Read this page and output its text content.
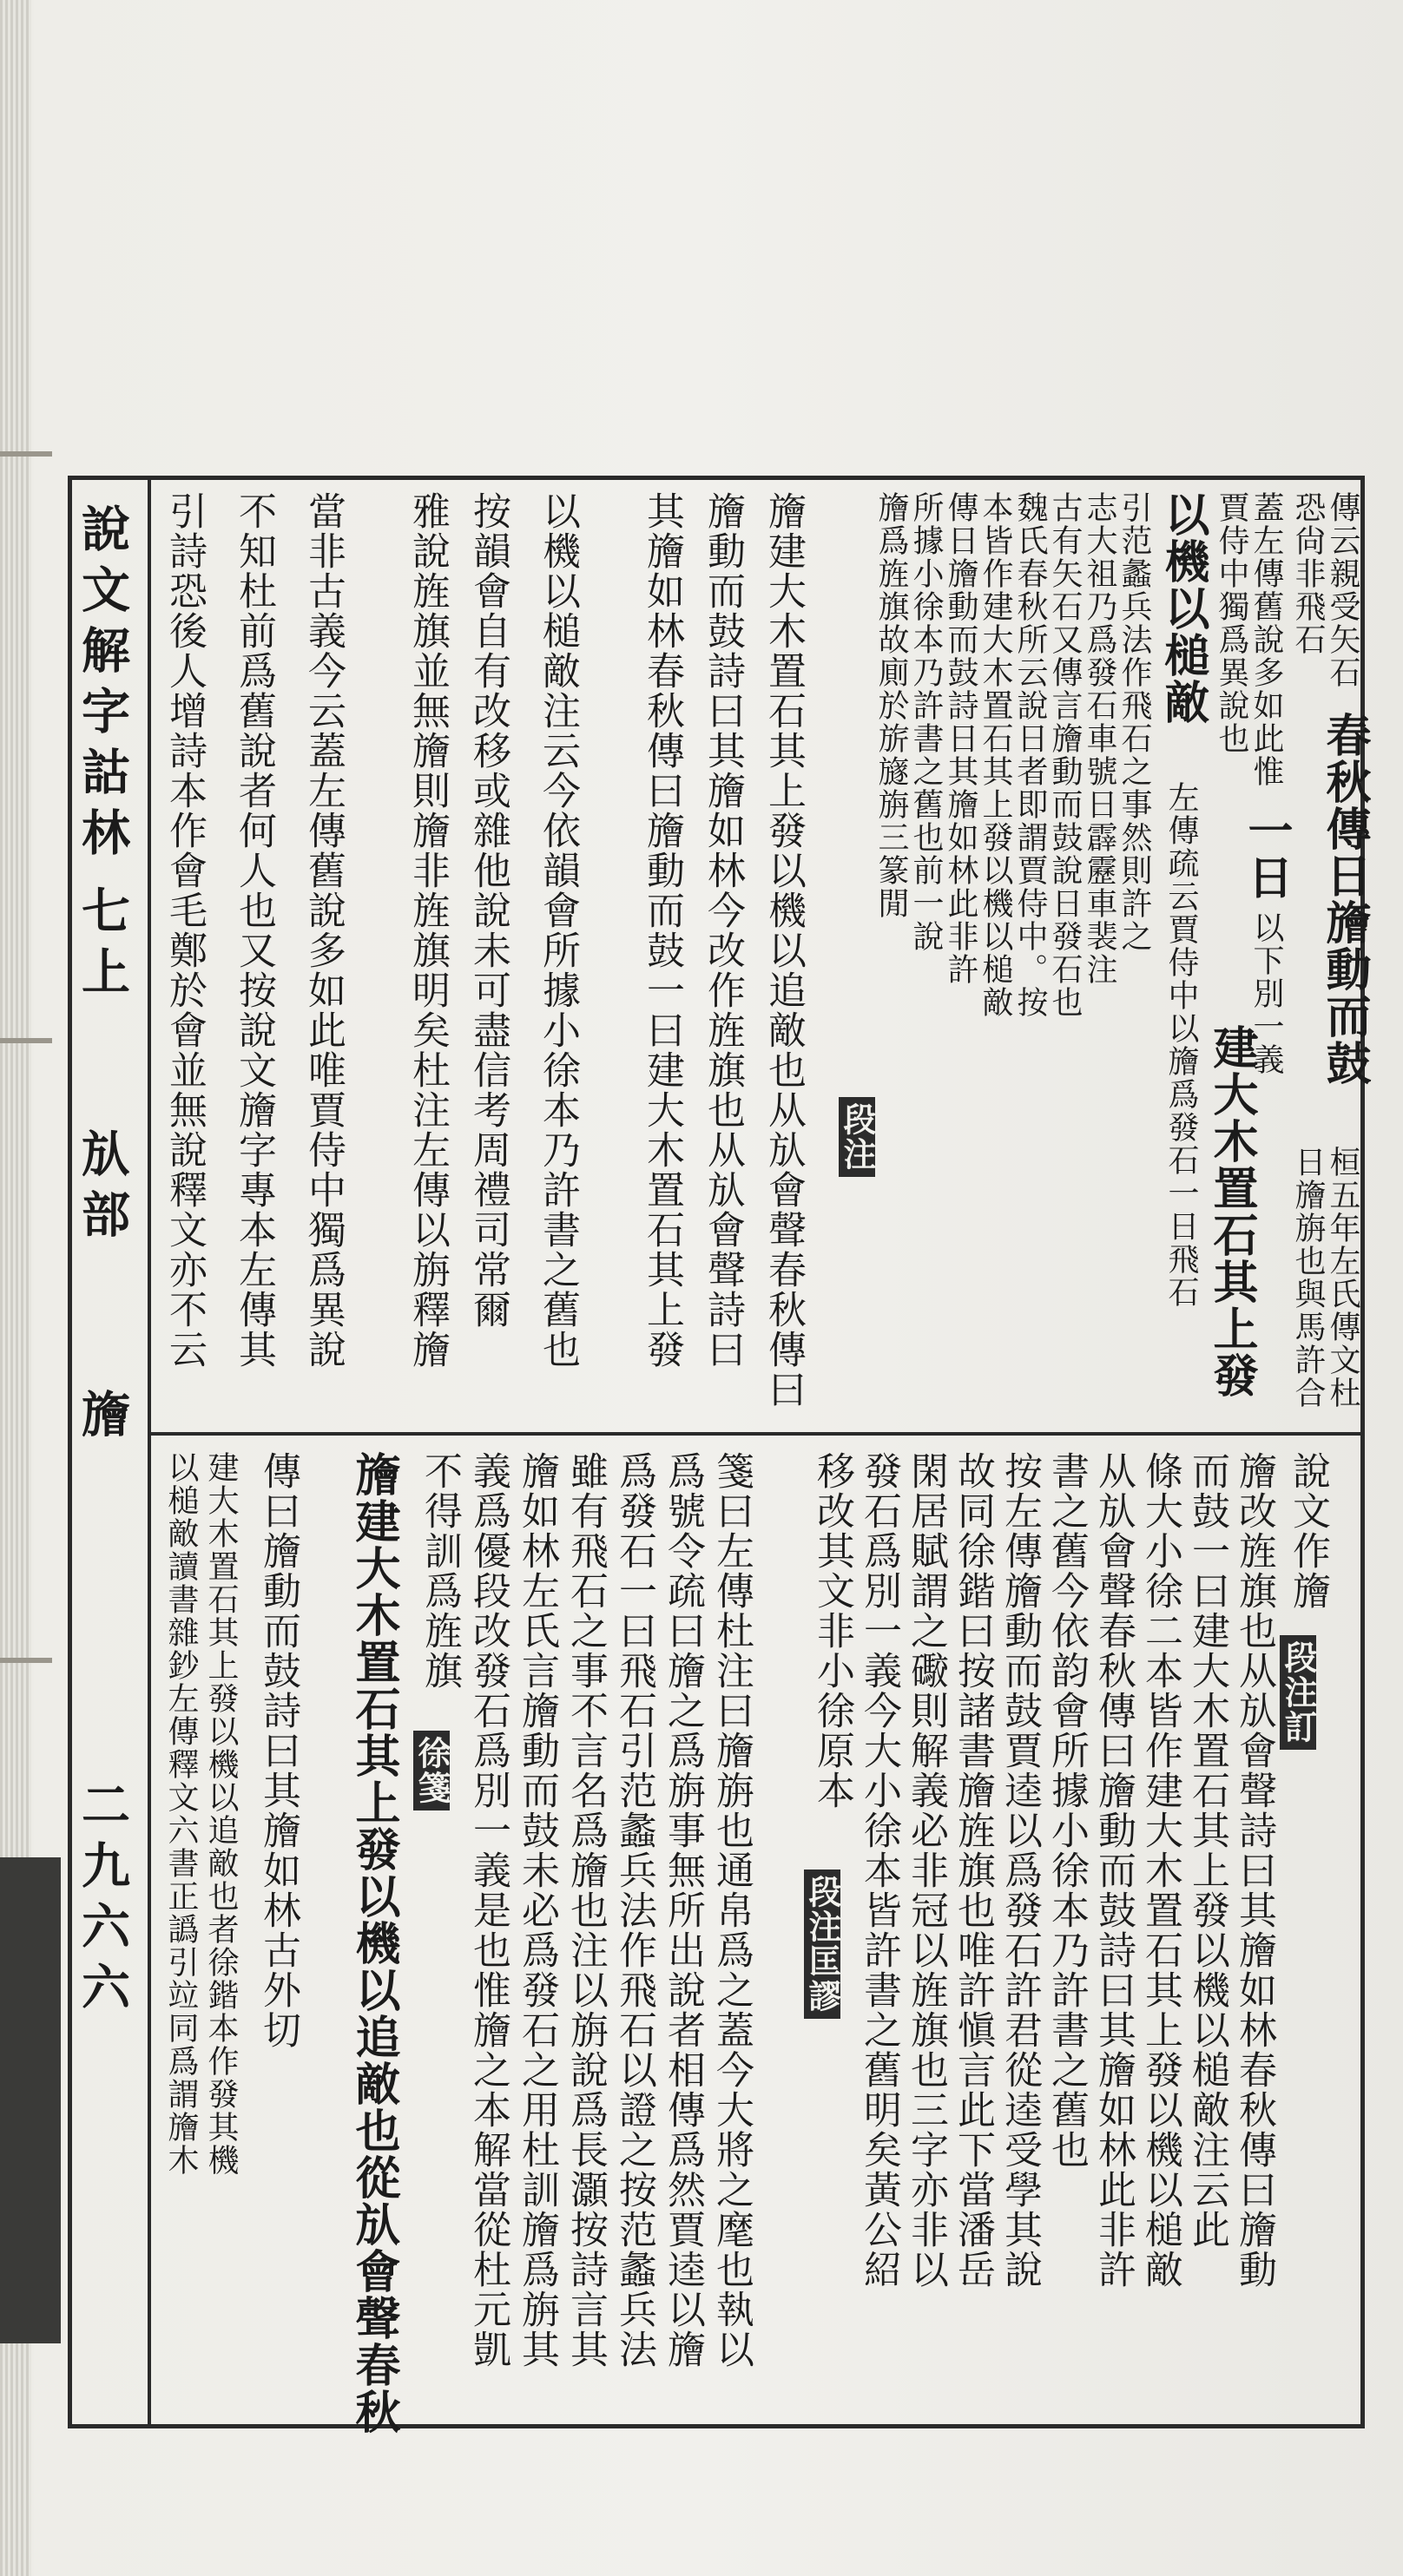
說文解字詁林
七上
㫃部
旝
二九六六
傳云親受矢石
春秋傳日旝動而鼓
桓五年左氏傳文杜
恐尙非飛石
日旝旃也與馬許合
蓋左傳舊說多如此惟
一日
以下別一義
賈侍中獨爲異說也
建大木置石其上發
以機以槌敵
左傳疏云賈侍中以旝爲發石一日飛石
引范蠡兵法作飛石之事然則許之
志大祖乃爲發石車號日霹靂車裴注
古有矢石又傳言旝動而鼓說日發石也
魏氏春秋所云說日者即謂賈侍中。按
本皆作建大木置石其上發以機以槌敵
傳日旝動而鼓詩日其旝如林此非許
所據小徐本乃許書之舊也前一說
旝爲旌旗故廁於旂旞旃三篆閒
段注
旝建大木置石其上發以機以追敵也从㫃會聲春秋傳曰
旝動而鼓詩曰其旝如林今改作旌旗也从㫃會聲詩曰
其旝如林春秋傳曰旝動而鼓一曰建大木置石其上發
以機以槌敵注云今依韻會所據小徐本乃許書之舊也
按韻會自有改移或雜他說未可盡信考周禮司常爾
雅說旌旗並無旝則旝非旌旗明矣杜注左傳以旃釋旝
當非古義今云蓋左傳舊說多如此唯賈侍中獨爲異說
不知杜前爲舊說者何人也又按說文旝字專本左傳其
引詩恐後人增詩本作會毛鄭於會並無說釋文亦不云
說文作旝
段注訂
旝改旌旗也从㫃會聲詩曰其旝如林春秋傳曰旝動
而鼓一曰建大木置石其上發以機以槌敵注云此
條大小徐二本皆作建大木置石其上發以機以槌敵
从㫃會聲春秋傳曰旝動而鼓詩曰其旝如林此非許
書之舊今依韵會所據小徐本乃許書之舊也
按左傳旝動而鼓賈逵以爲發石許君從逵受學其說
故同徐鍇曰按諸書旝旌旗也唯許愼言此下當潘岳
閑居賦謂之礮則解義必非冠以旌旗也三字亦非以
發石爲別一義今大小徐本皆許書之舊明矣黃公紹
移改其文非小徐原本
段注匡謬
箋曰左傳杜注曰旝旃也通帛爲之蓋今大將之麾也執以
爲號令疏曰旝之爲旃事無所出說者相傳爲然賈逵以旝
爲發石一曰飛石引范蠡兵法作飛石以證之按范蠡兵法
雖有飛石之事不言名爲旝也注以旃說爲長灝按詩言其
旝如林左氏言旝動而鼓未必爲發石之用杜訓旝爲旃其
義爲優段改發石爲別一義是也惟旝之本解當從杜元凱
不得訓爲旌旗
徐箋
旝建大木置石其上發以機以追敵也從㫃會聲春秋
傳曰旝動而鼓詩曰其旝如林古外切
建大木置石其上發以機以追敵也者徐鍇本作發其機
以槌敵讀書雜鈔左傳釋文六書正譌引竝同爲謂旝木
